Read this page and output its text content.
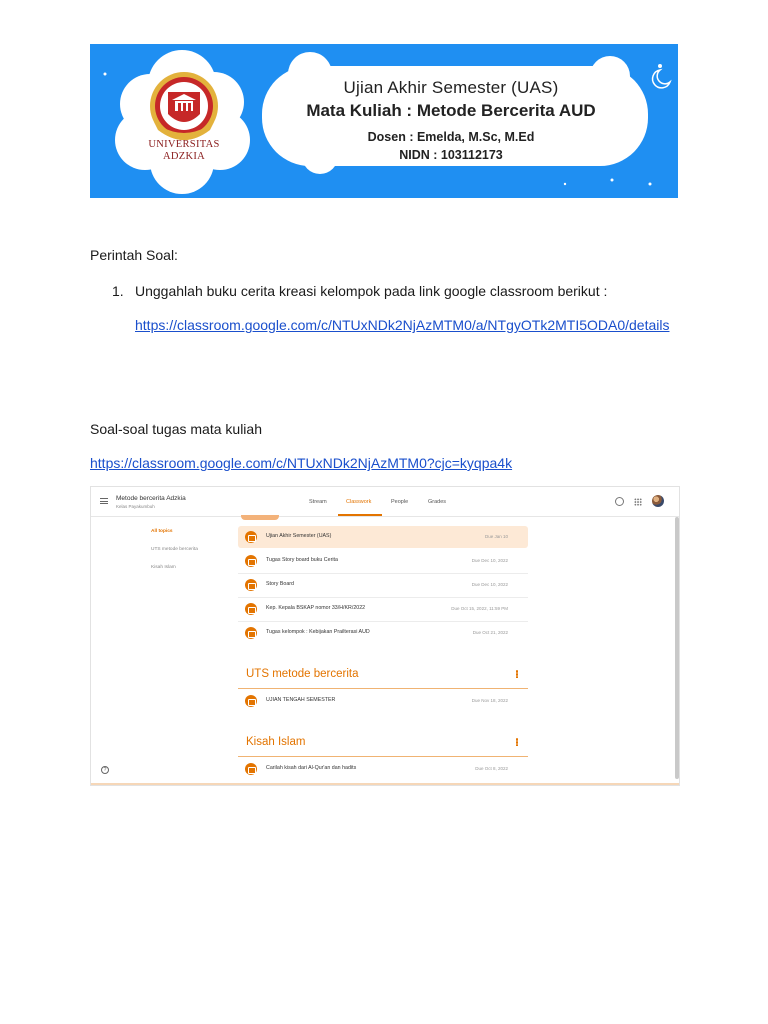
UNIVERSITAS
ADZKIA
Ujian Akhir Semester (UAS)
Mata Kuliah : Metode Bercerita AUD
Dosen : Emelda, M.Sc, M.Ed
NIDN : 103112173
Perintah Soal:
1. Unggahlah buku cerita kreasi kelompok pada link google classroom berikut :
https://classroom.google.com/c/NTUxNDk2NjAzMTM0/a/NTgyOTk2MTI5ODA0/details
Soal-soal tugas mata kuliah
https://classroom.google.com/c/NTUxNDk2NjAzMTM0?cjc=kyqpa4k
Metode bercerita Adzkia
Kelas Payakumbuh
Stream	Classwork	People	Grades
All topics
UTS metode bercerita
Kisah Islam
?
Ujian Akhir Semester (UAS)	Due Jan 10
Tugas Story board buku Cerita	Due Dec 10, 2022
Story Board	Due Dec 10, 2022
Kep. Kepala BSKAP nomor 33/H/KR/2022	Due Oct 15, 2022, 11:59 PM
Tugas kelompok : Kebijakan Prailterasi AUD	Due Oct 21, 2022
UTS metode bercerita
UJIAN TENGAH SEMESTER	Due Nov 18, 2022
Kisah Islam
Carilah kisah dari Al-Qur'an dan hadits	Due Oct 8, 2022
